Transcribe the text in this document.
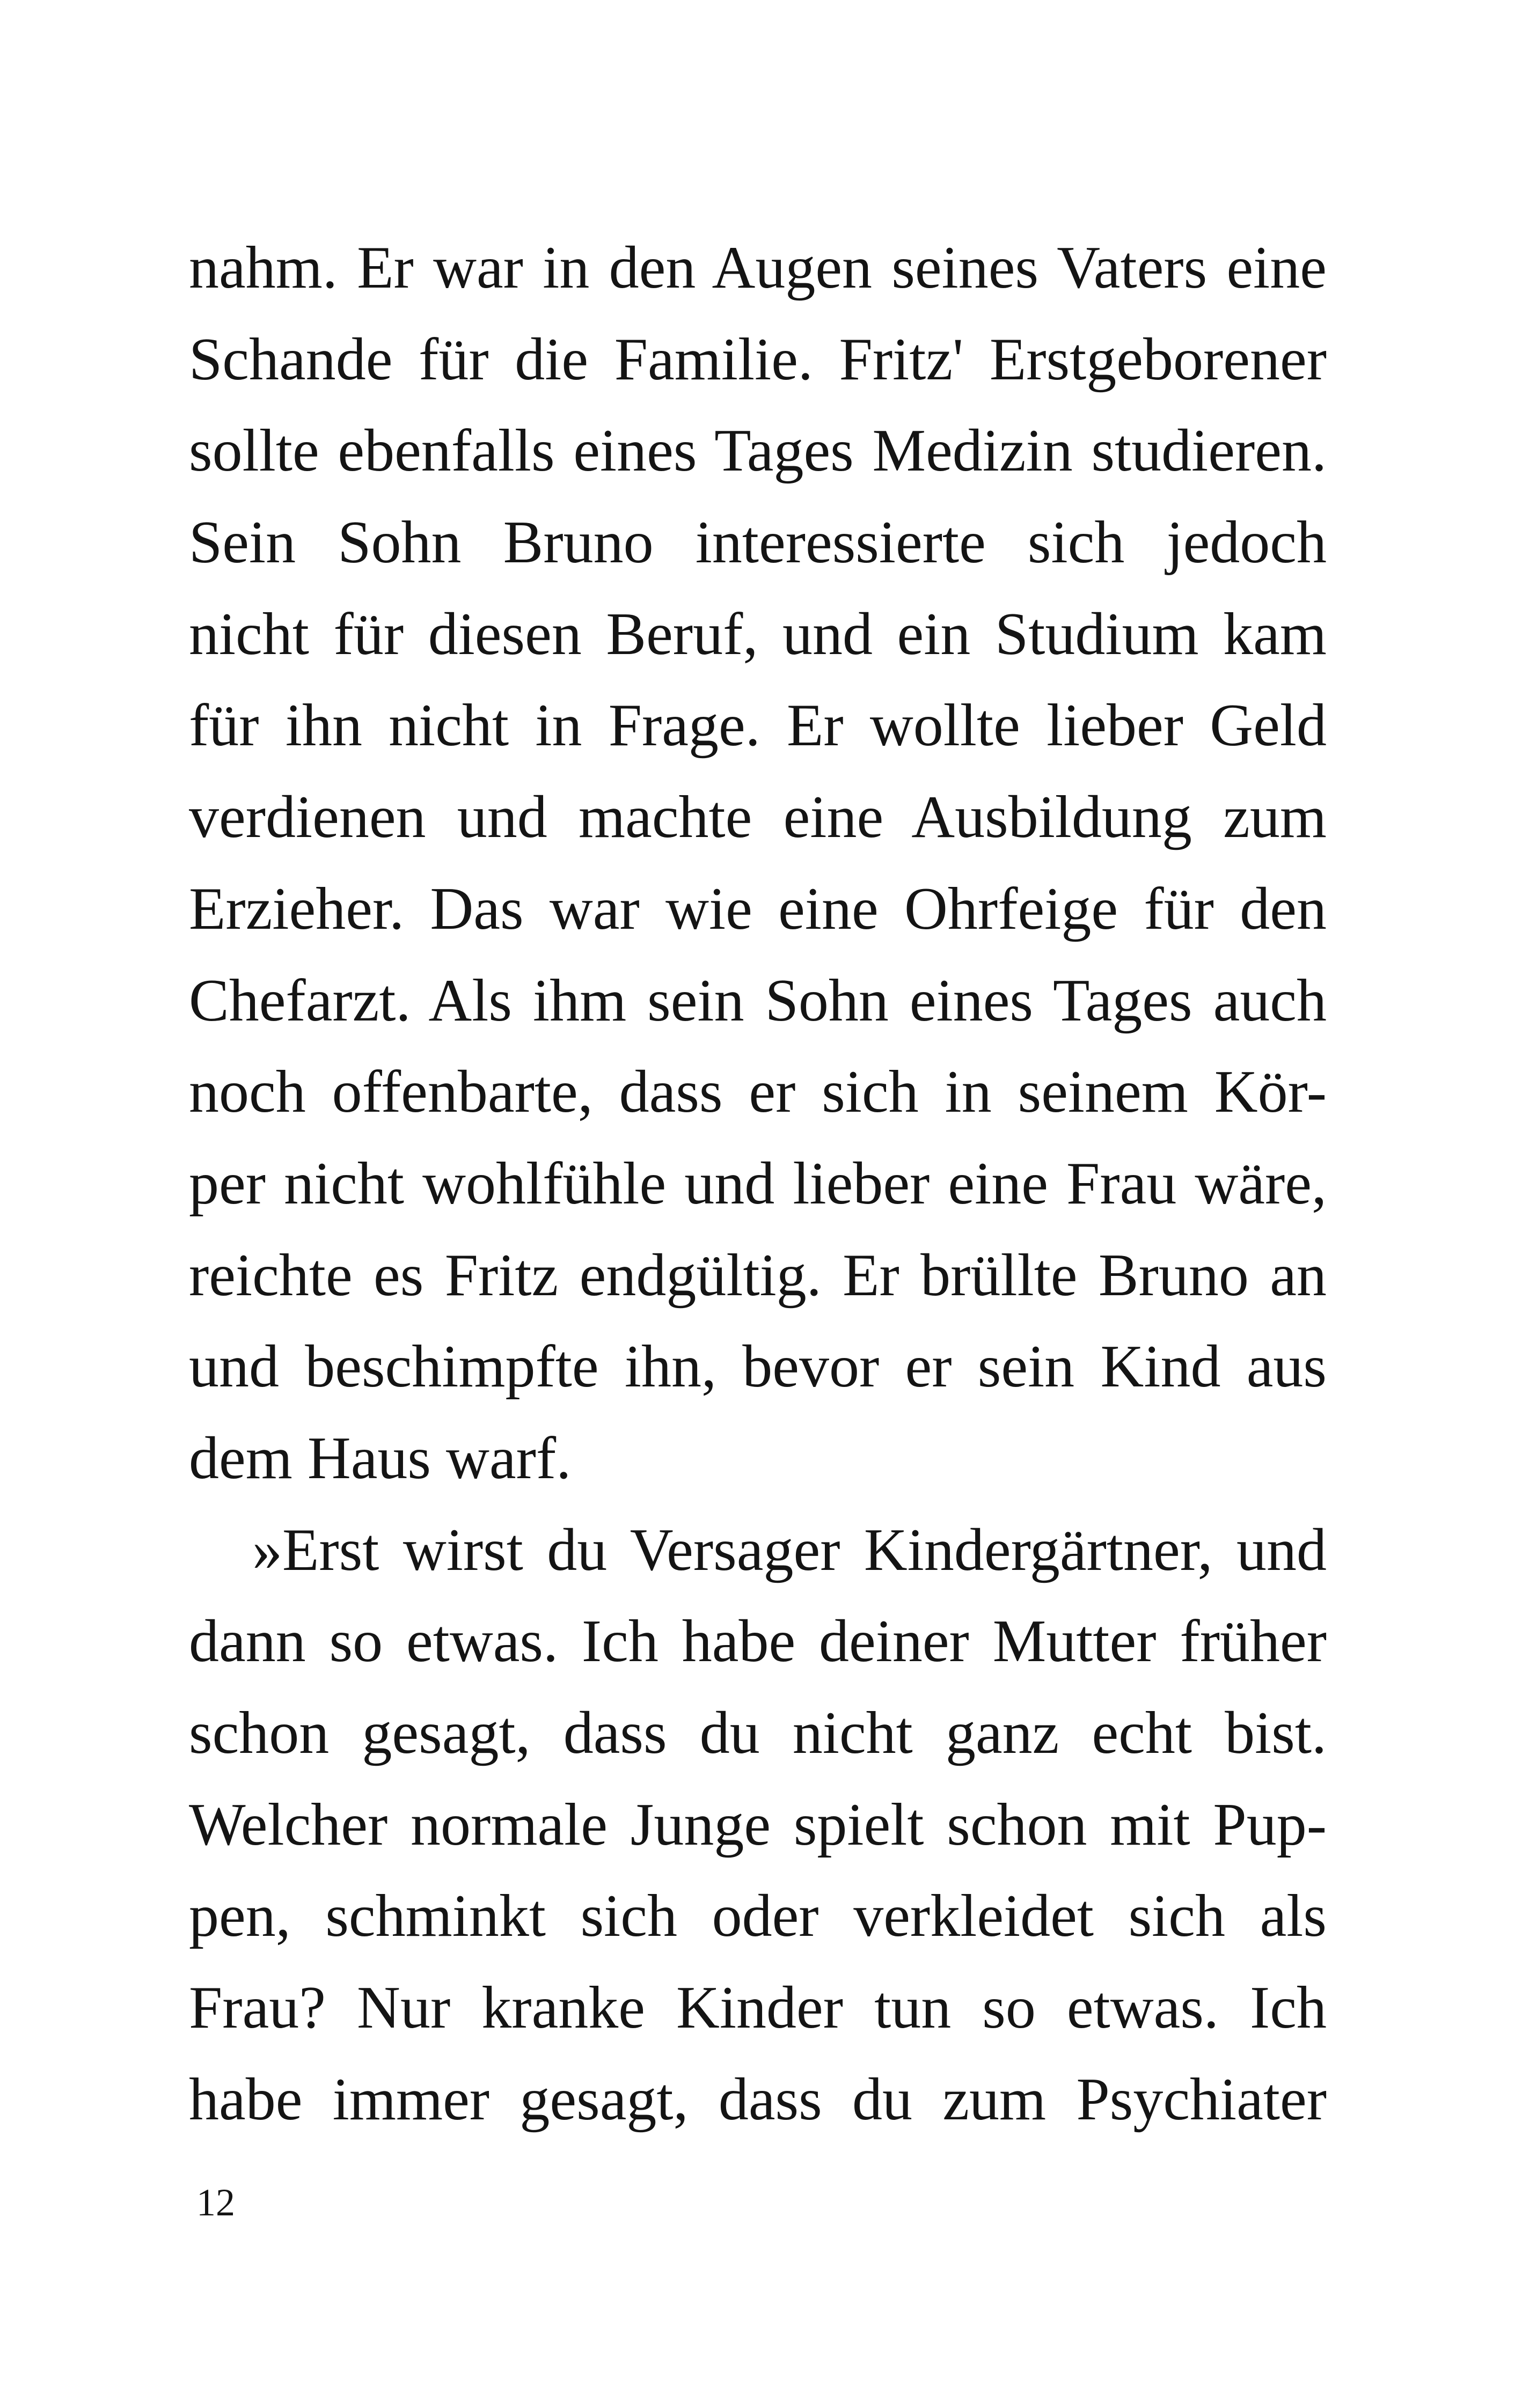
nahm. Er war in den Augen seines Vaters eine
Schande für die Familie. Fritz' Erstgeborener
sollte ebenfalls eines Tages Medizin studieren.
Sein Sohn Bruno interessierte sich jedoch
nicht für diesen Beruf, und ein Studium kam
für ihn nicht in Frage. Er wollte lieber Geld
verdienen und machte eine Ausbildung zum
Erzieher. Das war wie eine Ohrfeige für den
Chefarzt. Als ihm sein Sohn eines Tages auch
noch offenbarte, dass er sich in seinem Kör-
per nicht wohlfühle und lieber eine Frau wäre,
reichte es Fritz endgültig. Er brüllte Bruno an
und beschimpfte ihn, bevor er sein Kind aus
dem Haus warf.
»Erst wirst du Versager Kindergärtner, und
dann so etwas. Ich habe deiner Mutter früher
schon gesagt, dass du nicht ganz echt bist.
Welcher normale Junge spielt schon mit Pup-
pen, schminkt sich oder verkleidet sich als
Frau? Nur kranke Kinder tun so etwas. Ich
habe immer gesagt, dass du zum Psychiater
12
